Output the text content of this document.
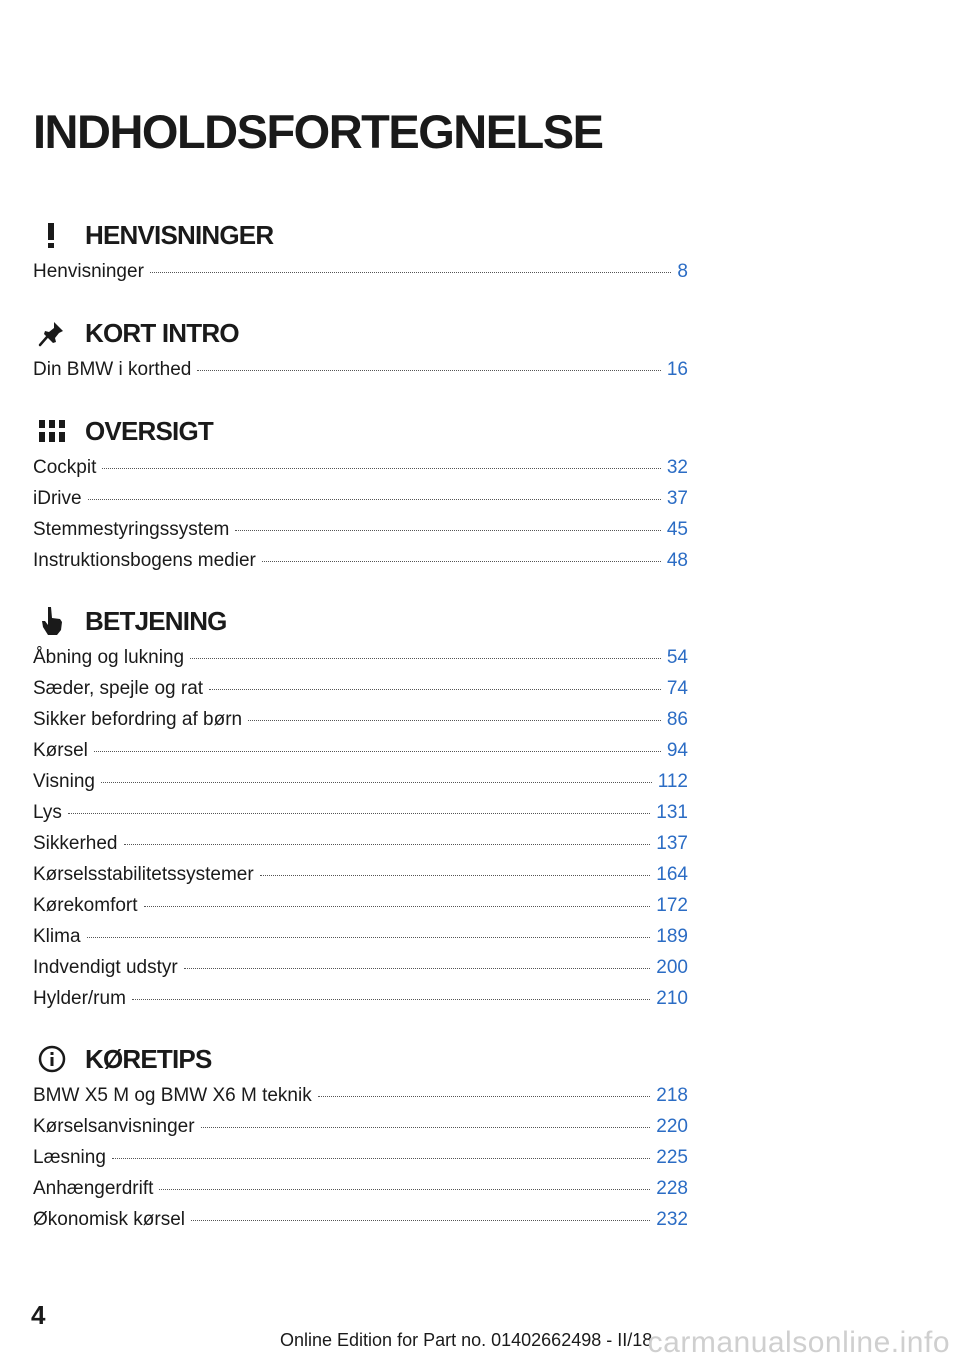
INDHOLDSFORTEGNELSE
HENVISNINGER
Henvisninger	8
KORT INTRO
Din BMW i korthed	16
OVERSIGT
Cockpit	32
iDrive	37
Stemmestyringssystem	45
Instruktionsbogens medier	48
BETJENING
Åbning og lukning	54
Sæder, spejle og rat	74
Sikker befordring af børn	86
Kørsel	94
Visning	112
Lys	131
Sikkerhed	137
Kørselsstabilitetssystemer	164
Kørekomfort	172
Klima	189
Indvendigt udstyr	200
Hylder/rum	210
KØRETIPS
BMW X5 M og BMW X6 M teknik	218
Kørselsanvisninger	220
Læsning	225
Anhængerdrift	228
Økonomisk kørsel	232
4
Online Edition for Part no. 01402662498 - II/18
carmanualsonline.info
